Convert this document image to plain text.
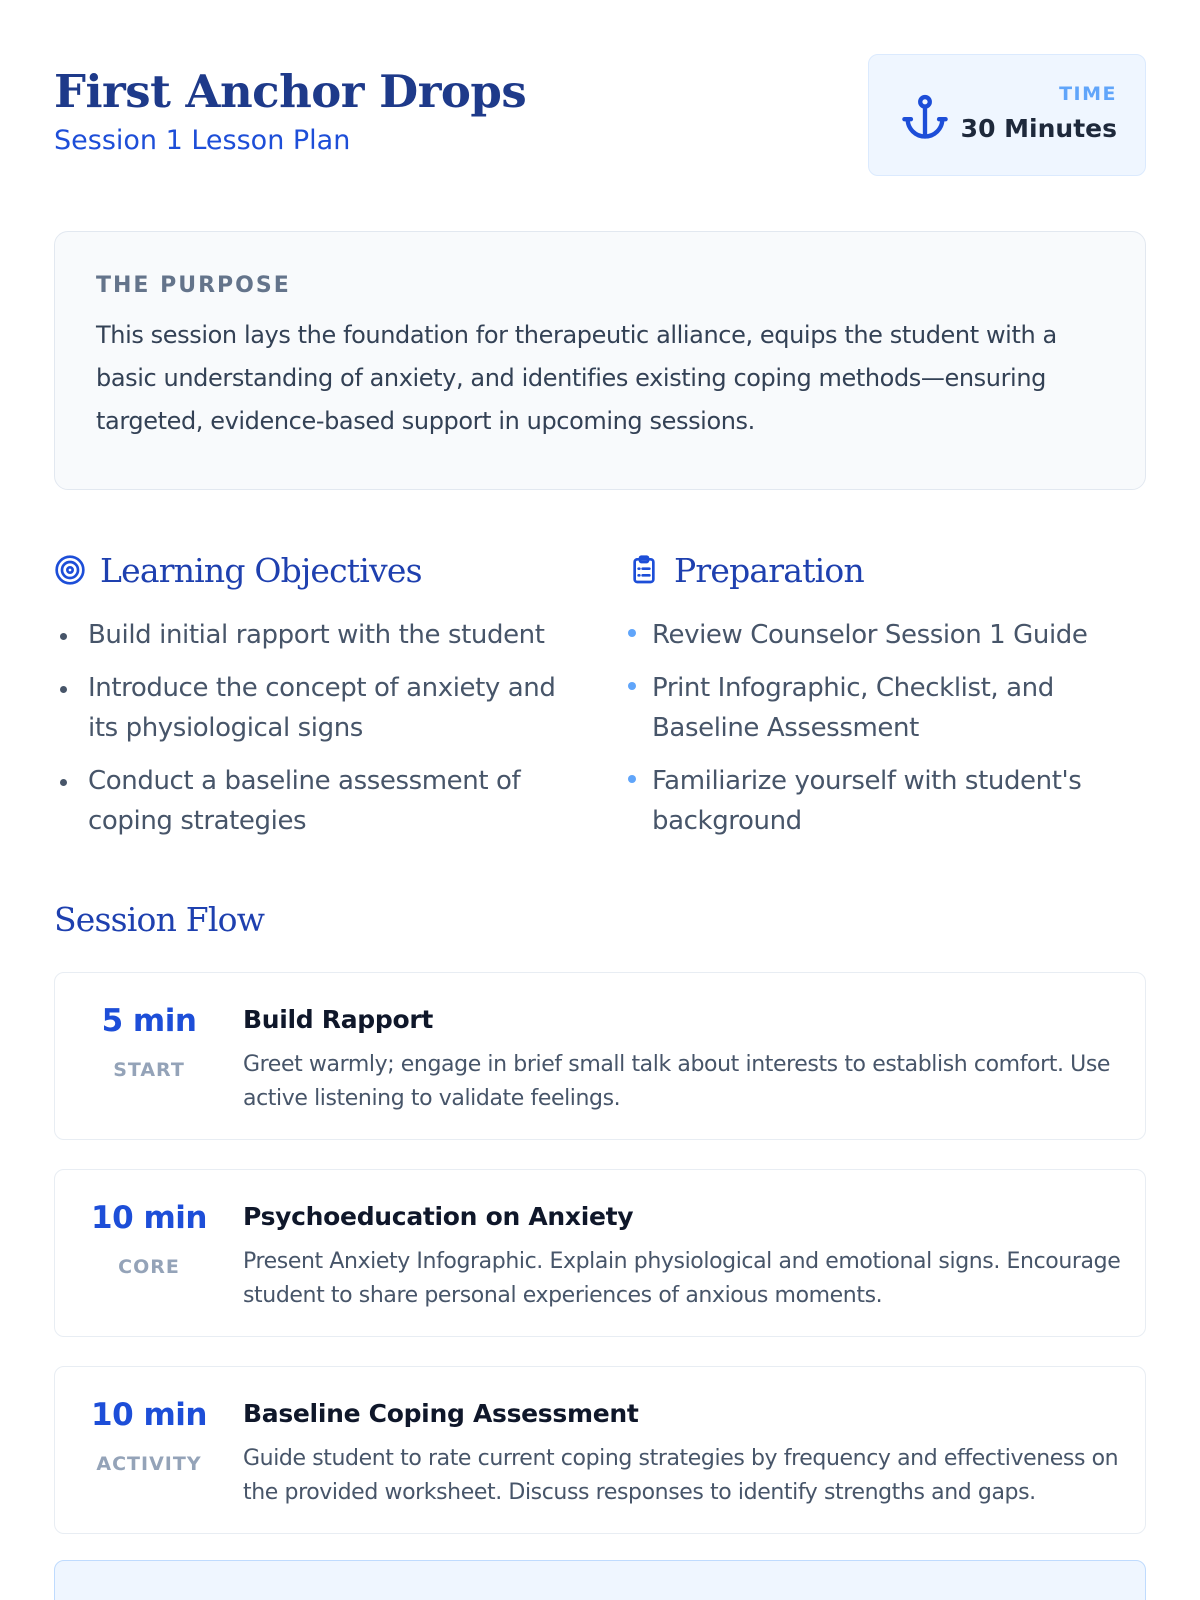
First Anchor Drops
Session 1 Lesson Plan
TIME
30 Minutes
THE PURPOSE
This session lays the foundation for therapeutic alliance, equips the student with a basic understanding of anxiety, and identifies existing coping methods—ensuring targeted, evidence-based support in upcoming sessions.
Learning Objectives
Build initial rapport with the student
Introduce the concept of anxiety and its physiological signs
Conduct a baseline assessment of coping strategies
Preparation
Review Counselor Session 1 Guide
Print Infographic, Checklist, and Baseline Assessment
Familiarize yourself with student's background
Session Flow
5 min
START
Build Rapport
Greet warmly; engage in brief small talk about interests to establish comfort. Use active listening to validate feelings.
10 min
CORE
Psychoeducation on Anxiety
Present Anxiety Infographic. Explain physiological and emotional signs. Encourage student to share personal experiences of anxious moments.
10 min
ACTIVITY
Baseline Coping Assessment
Guide student to rate current coping strategies by frequency and effectiveness on the provided worksheet. Discuss responses to identify strengths and gaps.
